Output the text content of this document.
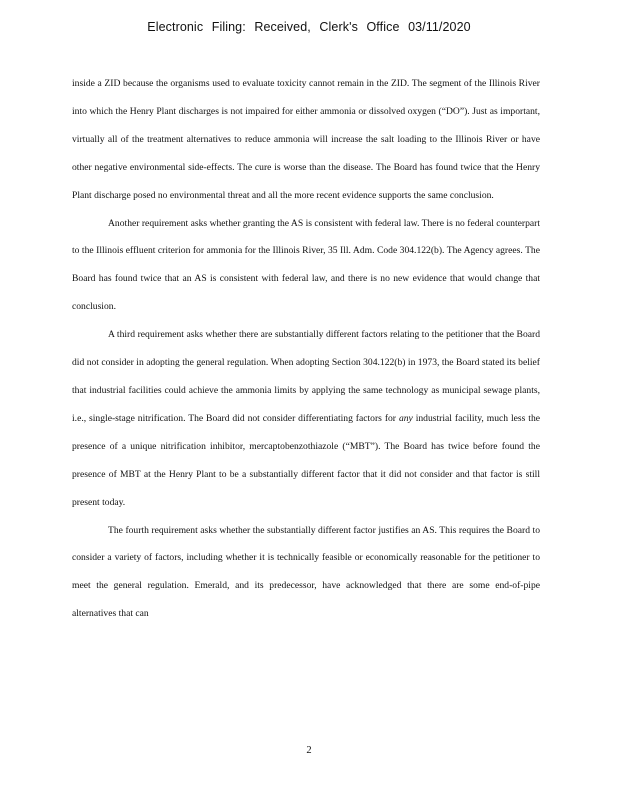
Electronic Filing: Received, Clerk's Office 03/11/2020

inside a ZID because the organisms used to evaluate toxicity cannot remain in the ZID. The segment of the Illinois River into which the Henry Plant discharges is not impaired for either ammonia or dissolved oxygen (“DO”). Just as important, virtually all of the treatment alternatives to reduce ammonia will increase the salt loading to the Illinois River or have other negative environmental side-effects. The cure is worse than the disease. The Board has found twice that the Henry Plant discharge posed no environmental threat and all the more recent evidence supports the same conclusion.

Another requirement asks whether granting the AS is consistent with federal law. There is no federal counterpart to the Illinois effluent criterion for ammonia for the Illinois River, 35 Ill. Adm. Code 304.122(b). The Agency agrees. The Board has found twice that an AS is consistent with federal law, and there is no new evidence that would change that conclusion.

A third requirement asks whether there are substantially different factors relating to the petitioner that the Board did not consider in adopting the general regulation. When adopting Section 304.122(b) in 1973, the Board stated its belief that industrial facilities could achieve the ammonia limits by applying the same technology as municipal sewage plants, i.e., single-stage nitrification. The Board did not consider differentiating factors for any industrial facility, much less the presence of a unique nitrification inhibitor, mercaptobenzothiazole (“MBT”). The Board has twice before found the presence of MBT at the Henry Plant to be a substantially different factor that it did not consider and that factor is still present today.

The fourth requirement asks whether the substantially different factor justifies an AS. This requires the Board to consider a variety of factors, including whether it is technically feasible or economically reasonable for the petitioner to meet the general regulation. Emerald, and its predecessor, have acknowledged that there are some end-of-pipe alternatives that can

2
